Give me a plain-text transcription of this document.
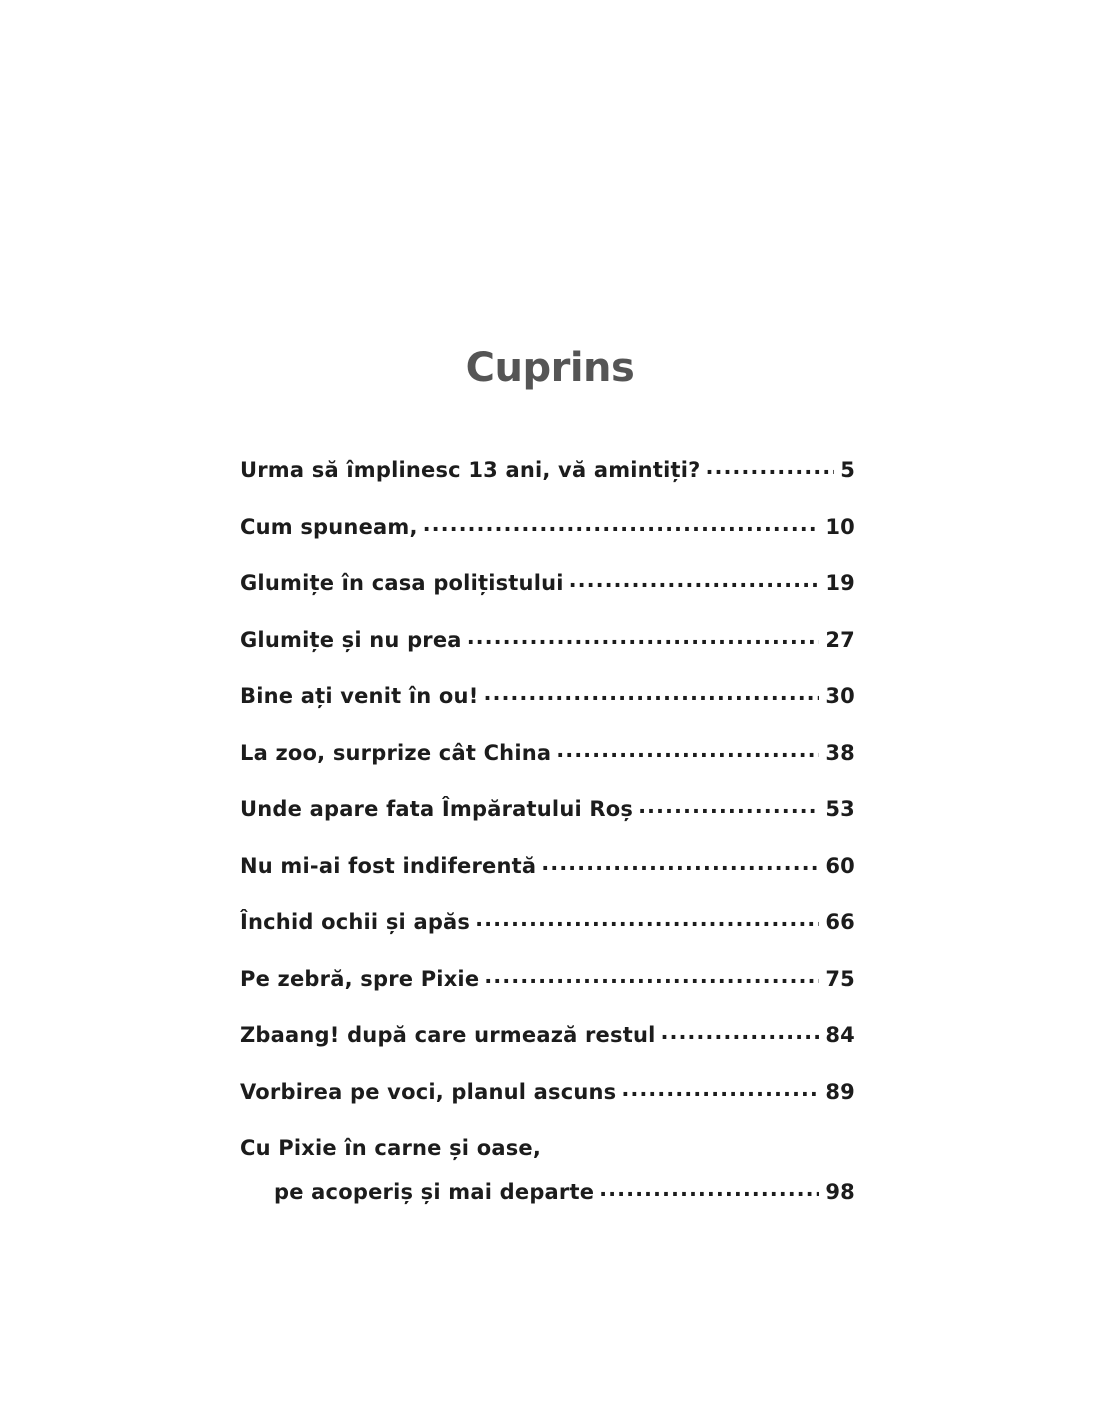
Cuprins
Urma să împlinesc 13 ani, vă amintiți? .....	5
Cum spuneam, .....	10
Glumițe în casa polițistului .....	19
Glumițe și nu prea .....	27
Bine ați venit în ou! .....	30
La zoo, surprize cât China .....	38
Unde apare fata Împăratului Roș .....	53
Nu mi-ai fost indiferentă .....	60
Închid ochii și apăs .....	66
Pe zebră, spre Pixie .....	75
Zbaang! după care urmează restul .....	84
Vorbirea pe voci, planul ascuns .....	89
Cu Pixie în carne și oase,
pe acoperiș și mai departe .....	98
